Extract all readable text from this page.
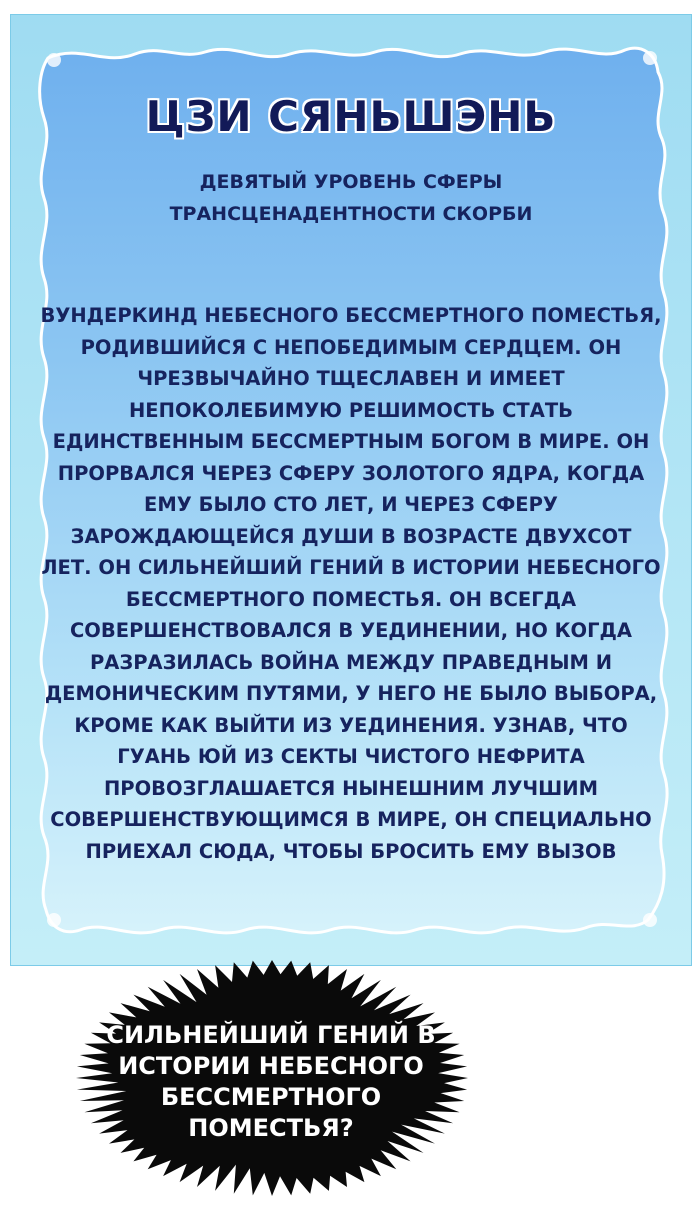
ЦЗИ СЯНЬШЭНЬ
ДЕВЯТЫЙ УРОВЕНЬ СФЕРЫ
ТРАНСЦЕНАДЕНТНОСТИ СКОРБИ
ВУНДЕРКИНД НЕБЕСНОГО БЕССМЕРТНОГО ПОМЕСТЬЯ,
РОДИВШИЙСЯ С НЕПОБЕДИМЫМ СЕРДЦЕМ. ОН
ЧРЕЗВЫЧАЙНО ТЩЕСЛАВЕН И ИМЕЕТ
НЕПОКОЛЕБИМУЮ РЕШИМОСТЬ СТАТЬ
ЕДИНСТВЕННЫМ БЕССМЕРТНЫМ БОГОМ В МИРЕ. ОН
ПРОРВАЛСЯ ЧЕРЕЗ СФЕРУ ЗОЛОТОГО ЯДРА, КОГДА
ЕМУ БЫЛО СТО ЛЕТ, И ЧЕРЕЗ СФЕРУ
ЗАРОЖДАЮЩЕЙСЯ ДУШИ В ВОЗРАСТЕ ДВУХСОТ
ЛЕТ. ОН СИЛЬНЕЙШИЙ ГЕНИЙ В ИСТОРИИ НЕБЕСНОГО
БЕССМЕРТНОГО ПОМЕСТЬЯ. ОН ВСЕГДА
СОВЕРШЕНСТВОВАЛСЯ В УЕДИНЕНИИ, НО КОГДА
РАЗРАЗИЛАСЬ ВОЙНА МЕЖДУ ПРАВЕДНЫМ И
ДЕМОНИЧЕСКИМ ПУТЯМИ, У НЕГО НЕ БЫЛО ВЫБОРА,
КРОМЕ КАК ВЫЙТИ ИЗ УЕДИНЕНИЯ. УЗНАВ, ЧТО
ГУАНЬ ЮЙ ИЗ СЕКТЫ ЧИСТОГО НЕФРИТА
ПРОВОЗГЛАШАЕТСЯ НЫНЕШНИМ ЛУЧШИМ
СОВЕРШЕНСТВУЮЩИМСЯ В МИРЕ, ОН СПЕЦИАЛЬНО
ПРИЕХАЛ СЮДА, ЧТОБЫ БРОСИТЬ ЕМУ ВЫЗОВ
СИЛЬНЕЙШИЙ ГЕНИЙ В
ИСТОРИИ НЕБЕСНОГО
БЕССМЕРТНОГО
ПОМЕСТЬЯ?
